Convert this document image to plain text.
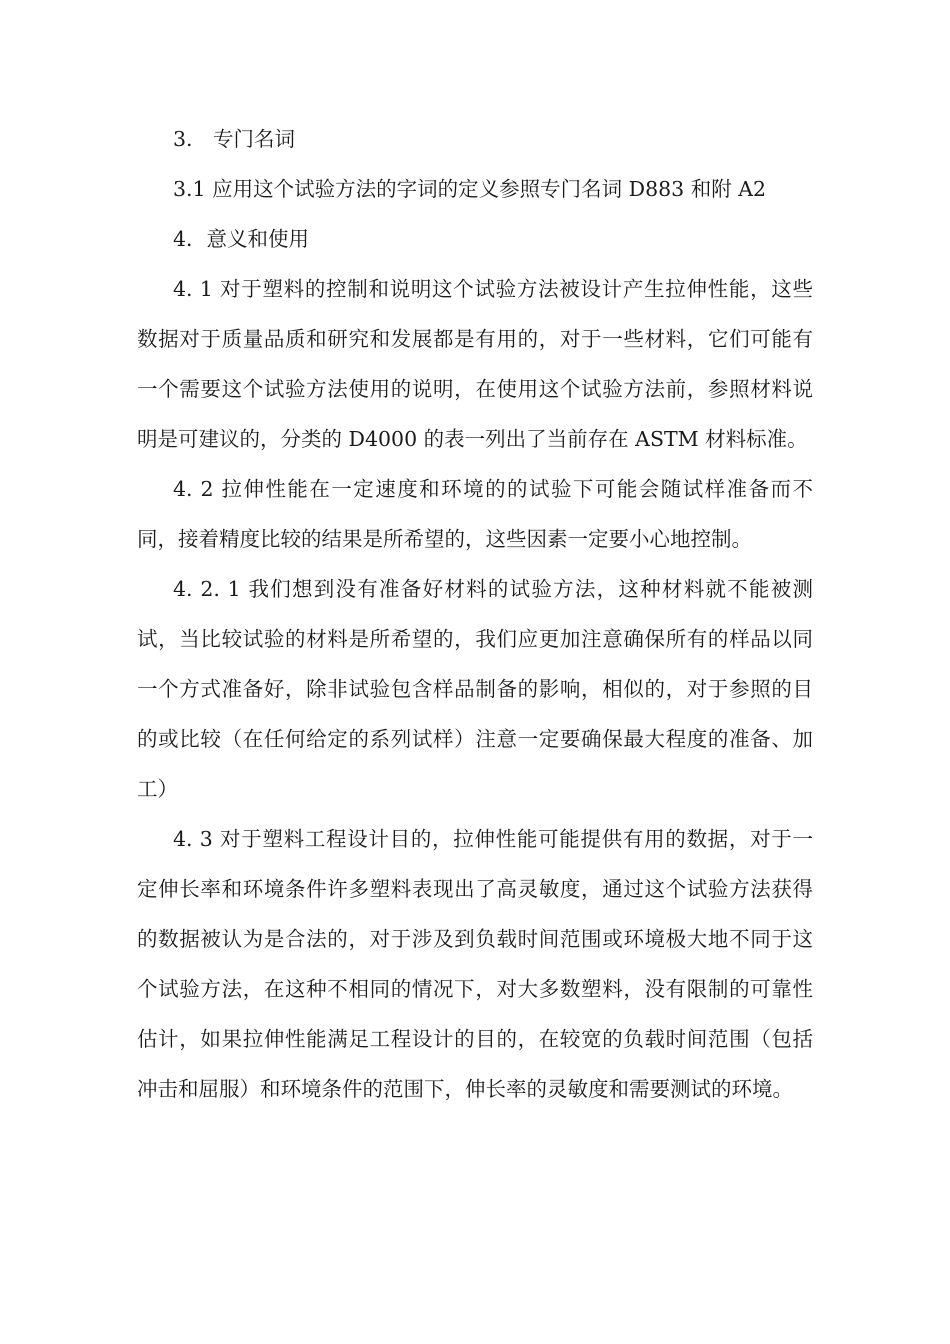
3.　专门名词

3.1 应用这个试验方法的字词的定义参照专门名词 D883 和附 A2

4．意义和使用

4. 1 对于塑料的控制和说明这个试验方法被设计产生拉伸性能，这些数据对于质量品质和研究和发展都是有用的，对于一些材料，它们可能有一个需要这个试验方法使用的说明，在使用这个试验方法前，参照材料说明是可建议的，分类的 D4000 的表一列出了当前存在 ASTM 材料标准。

4. 2 拉伸性能在一定速度和环境的的试验下可能会随试样准备而不同，接着精度比较的结果是所希望的，这些因素一定要小心地控制。

4. 2. 1 我们想到没有准备好材料的试验方法，这种材料就不能被测试，当比较试验的材料是所希望的，我们应更加注意确保所有的样品以同一个方式准备好，除非试验包含样品制备的影响，相似的，对于参照的目的或比较（在任何给定的系列试样）注意一定要确保最大程度的准备、加工）

4. 3 对于塑料工程设计目的，拉伸性能可能提供有用的数据，对于一定伸长率和环境条件许多塑料表现出了高灵敏度，通过这个试验方法获得的数据被认为是合法的，对于涉及到负载时间范围或环境极大地不同于这个试验方法，在这种不相同的情况下，对大多数塑料，没有限制的可靠性估计，如果拉伸性能满足工程设计的目的，在较宽的负载时间范围（包括冲击和屈服）和环境条件的范围下，伸长率的灵敏度和需要测试的环境。
